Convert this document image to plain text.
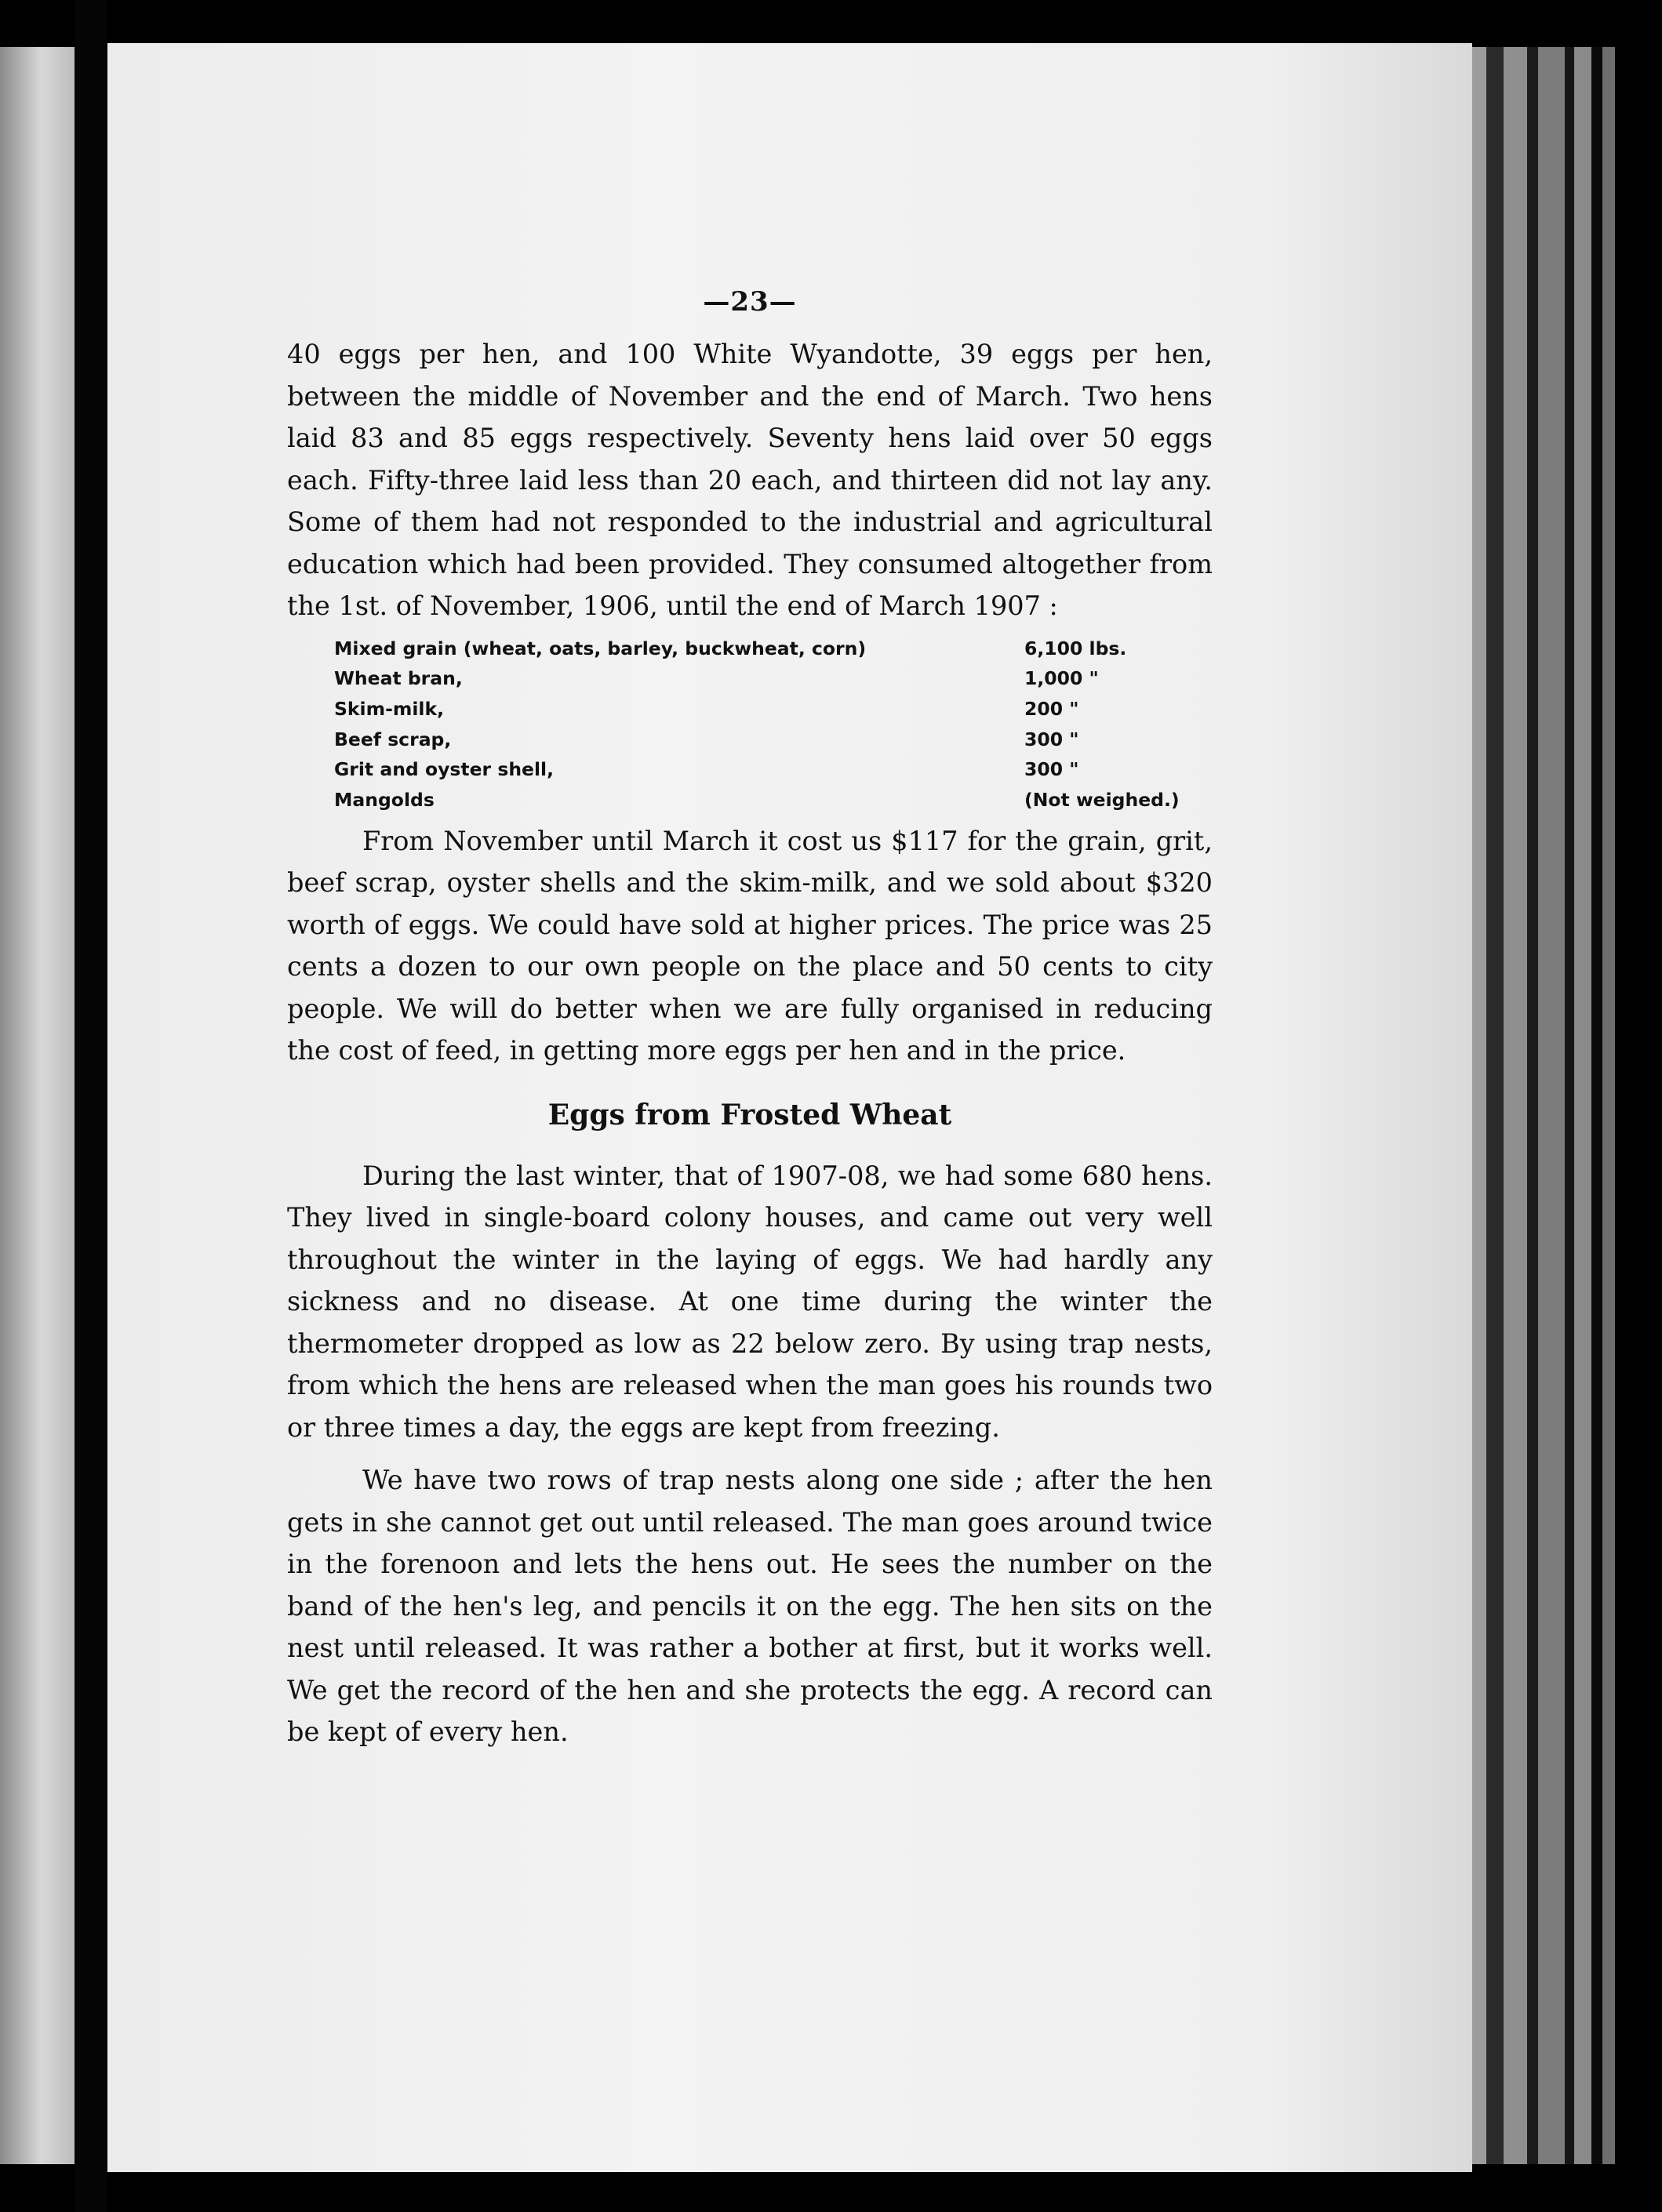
—23—

40 eggs per hen, and 100 White Wyandotte, 39 eggs per hen, between the middle of November and the end of March. Two hens laid 83 and 85 eggs respectively. Seventy hens laid over 50 eggs each. Fifty-three laid less than 20 each, and thirteen did not lay any. Some of them had not responded to the industrial and agricultural education which had been provided. They consumed altogether from the 1st. of November, 1906, until the end of March 1907 :

Mixed grain (wheat, oats, barley, buckwheat, corn)	6,100 lbs.
Wheat bran,	1,000 "
Skim-milk,	200 "
Beef scrap,	300 "
Grit and oyster shell,	300 "
Mangolds	(Not weighed.)

From November until March it cost us $117 for the grain, grit, beef scrap, oyster shells and the skim-milk, and we sold about $320 worth of eggs. We could have sold at higher prices. The price was 25 cents a dozen to our own people on the place and 50 cents to city people. We will do better when we are fully organised in reducing the cost of feed, in getting more eggs per hen and in the price.

Eggs from Frosted Wheat

During the last winter, that of 1907-08, we had some 680 hens. They lived in single-board colony houses, and came out very well throughout the winter in the laying of eggs. We had hardly any sickness and no disease. At one time during the winter the thermometer dropped as low as 22 below zero. By using trap nests, from which the hens are released when the man goes his rounds two or three times a day, the eggs are kept from freezing.

We have two rows of trap nests along one side ; after the hen gets in she cannot get out until released. The man goes around twice in the forenoon and lets the hens out. He sees the number on the band of the hen's leg, and pencils it on the egg. The hen sits on the nest until released. It was rather a bother at first, but it works well. We get the record of the hen and she protects the egg. A record can be kept of every hen.
